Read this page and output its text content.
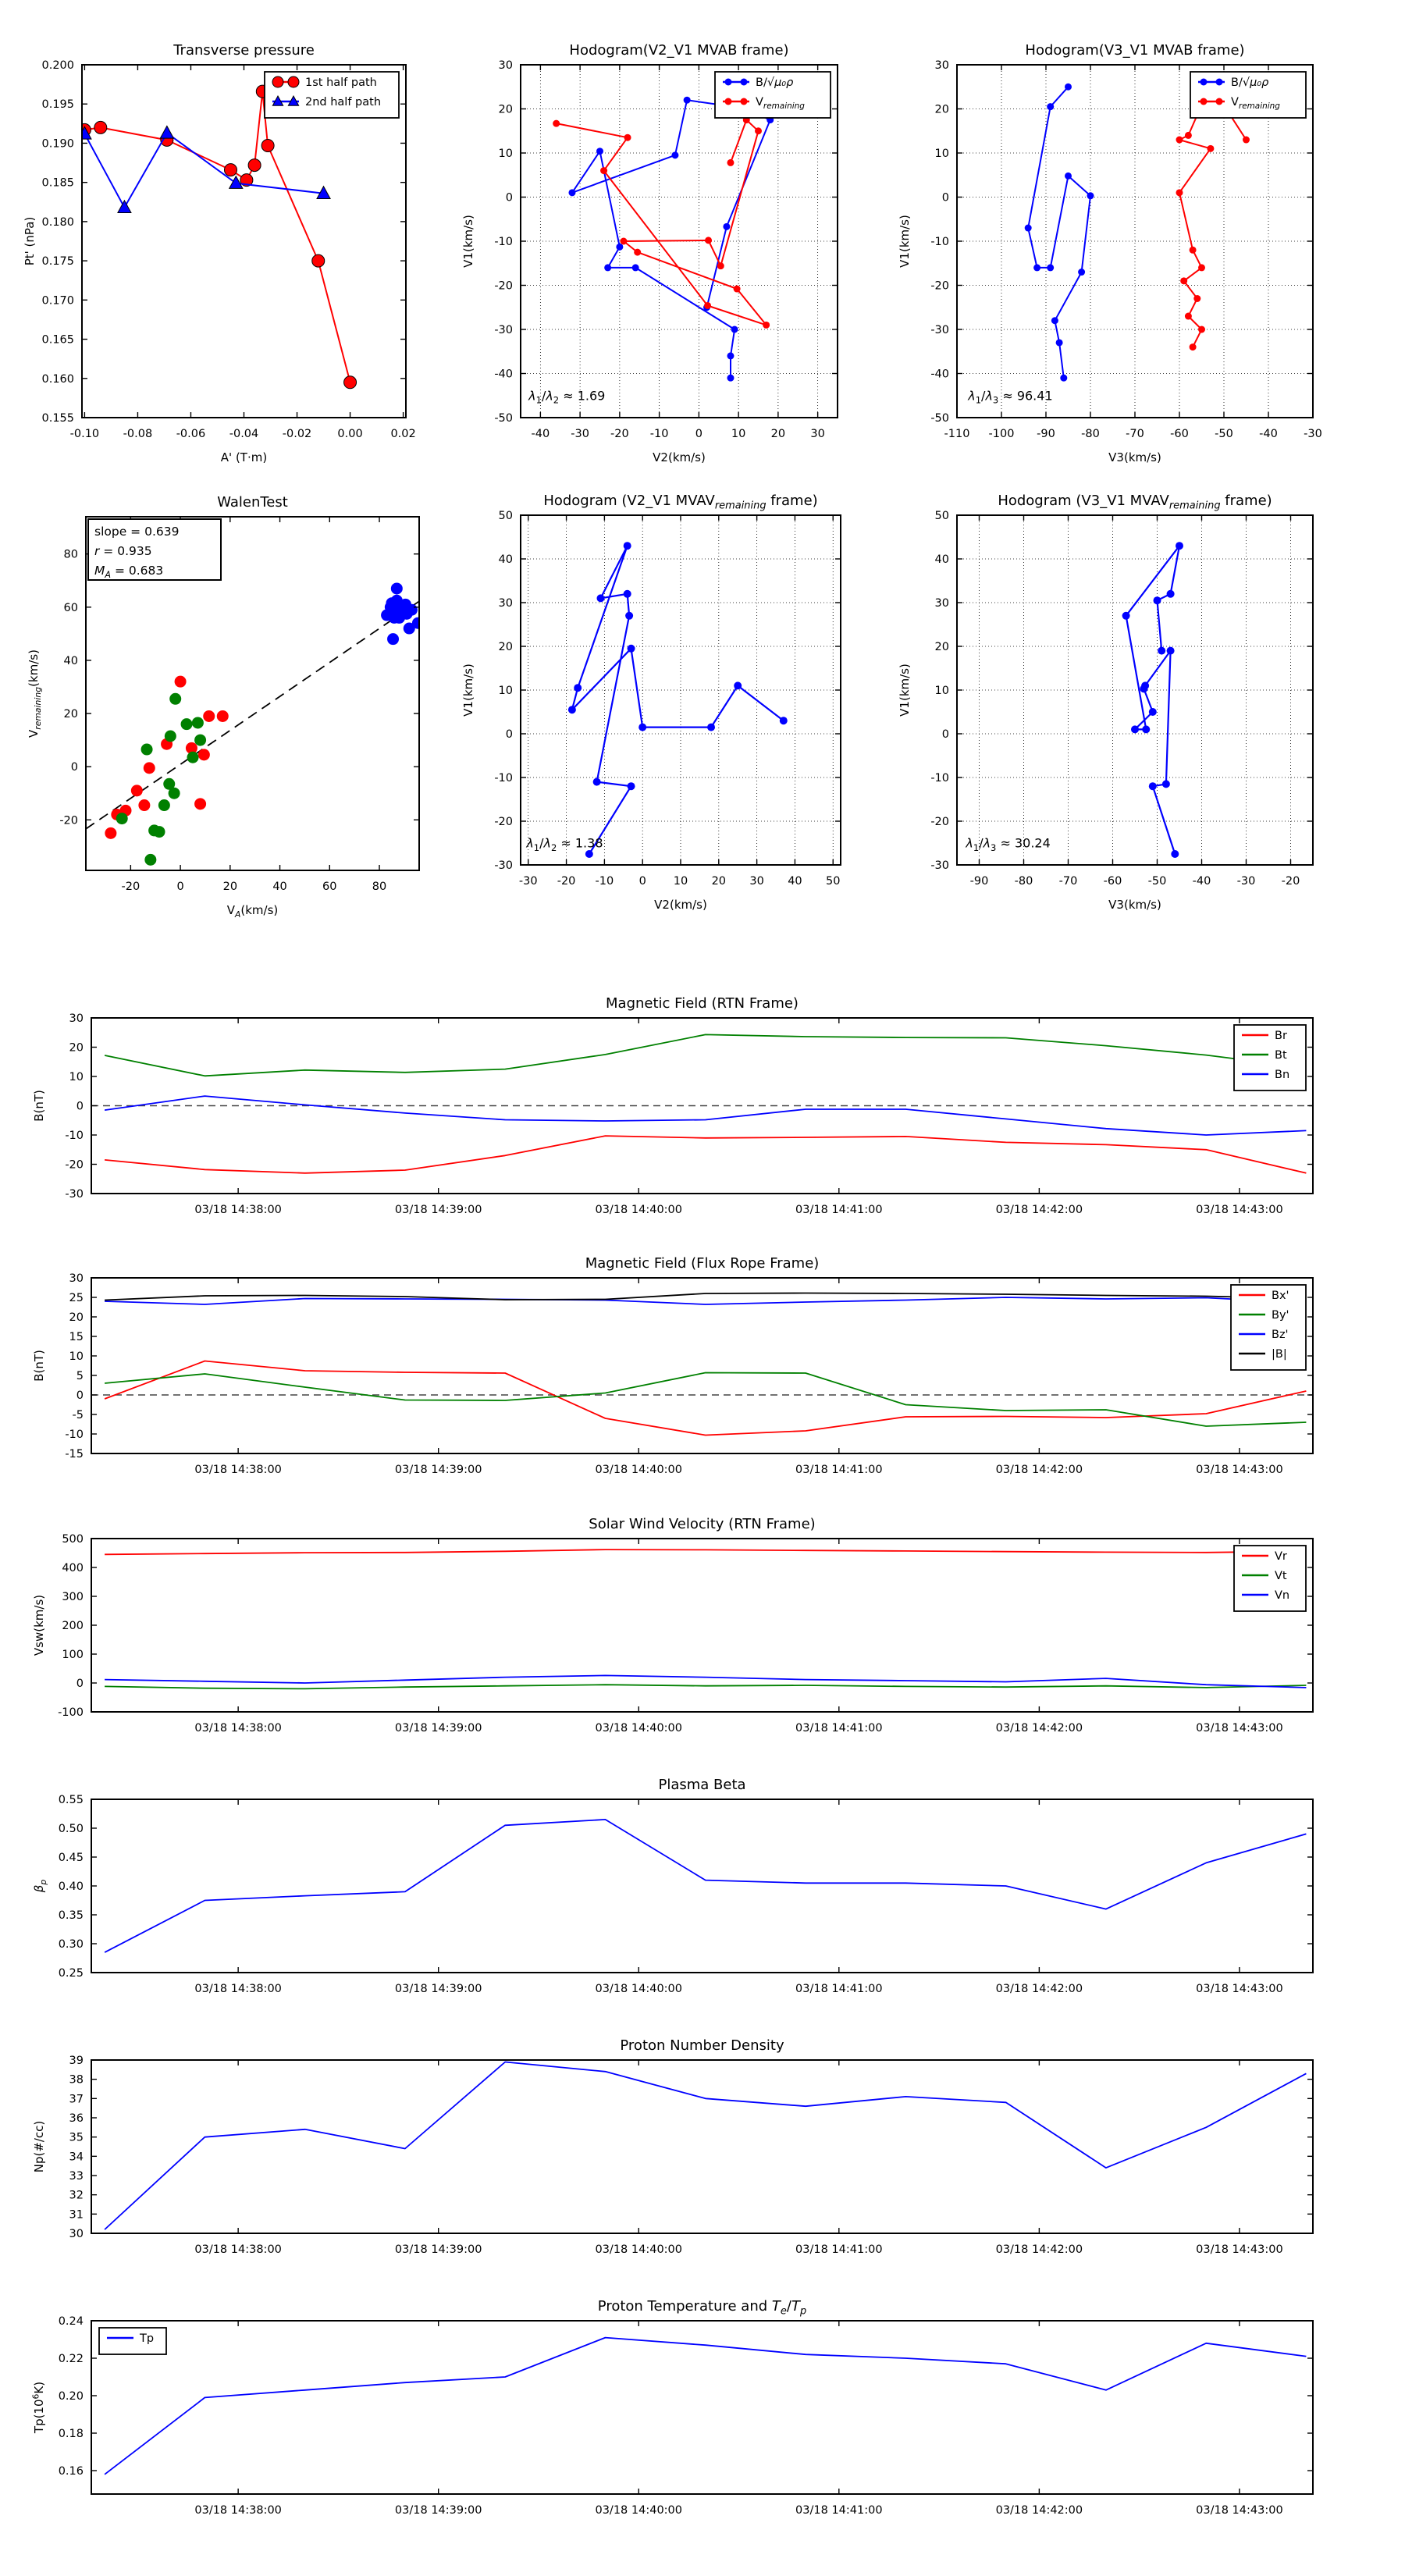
-0.10 -0.08 -0.06 -0.04 -0.02 0.00 0.02
0.155
0.160
0.165
0.170
0.175
0.180
0.185
0.190
0.195
0.200
Transverse pressure
A' (T·m)
Pt' (nPa)
1st half path
2nd half path
-40 -30 -20 -10 0	10 20 30
-50
-40
-30
-20
-10
0
10
20
30
Hodogram(V2_V1 MVAB frame)
V2(km/s)
V1(km/s)
B/√μ₀ρ
$V_{remaining}$
$\lambda_1/\lambda_2 \approx 1.69$
-110 -100 -90 -80 -70 -60 -50 -40 -30
-50
-40
-30
-20
-10
0
10
20
30
Hodogram(V3_V1 MVAB frame)
V3(km/s)
V1(km/s)
B/√μ₀ρ
$V_{remaining}$
$\lambda_1/\lambda_3 \approx 96.41$
-20	0	20	40	60	80
-20
0
20
40
60
80
WalenTest
$V_A(km/s)$
$V_{remaining}(km/s)$
slope = 0.639
r = 0.935
$M_A = 0.683$
-30 -20 -10 0 10 20 30 40 50
-30
-20
-10
0
10
20
30
40
50
Hodogram (V2_V1 $MVAV_{remaining}$ frame)
V2(km/s)
V1(km/s)
$\lambda_1/\lambda_2 \approx 1.38$
-90 -80 -70 -60 -50 -40 -30 -20
-30
-20
-10
0
10
20
30
40
50
Hodogram (V3_V1 $MVAV_{remaining}$ frame)
V3(km/s)
V1(km/s)
$\lambda_1/\lambda_3 \approx 30.24$
03/18 14:38:00	03/18 14:39:00	03/18 14:40:00	03/18 14:41:00	03/18 14:42:00	03/18 14:43:00
-30
-20
-10
0
10
20
30
Magnetic Field (RTN Frame)
B(nT)
Br
Bt
Bn
03/18 14:38:00	03/18 14:39:00	03/18 14:40:00	03/18 14:41:00	03/18 14:42:00	03/18 14:43:00
-15
-10
-5
0
5
10
15
20
25
30
Magnetic Field (Flux Rope Frame)
B(nT)
Bx'
By'
Bz'
|B|
03/18 14:38:00	03/18 14:39:00	03/18 14:40:00	03/18 14:41:00	03/18 14:42:00	03/18 14:43:00
-100
0
100
200
300
400
500
Solar Wind Velocity (RTN Frame)
Vsw(km/s)
Vr
Vt
Vn
03/18 14:38:00	03/18 14:39:00	03/18 14:40:00	03/18 14:41:00	03/18 14:42:00	03/18 14:43:00
0.25
0.30
0.35
0.40
0.45
0.50
0.55
Plasma Beta
$\beta_p$
03/18 14:38:00	03/18 14:39:00	03/18 14:40:00	03/18 14:41:00	03/18 14:42:00	03/18 14:43:00
30
31
32
33
34
35
36
37
38
39
Proton Number Density
Np(#/cc)
03/18 14:38:00	03/18 14:39:00	03/18 14:40:00	03/18 14:41:00	03/18 14:42:00	03/18 14:43:00
0.16
0.18
0.20
0.22
0.24
Proton Temperature and $T_e/T_p$
$Tp(10^6K)$
Tp
